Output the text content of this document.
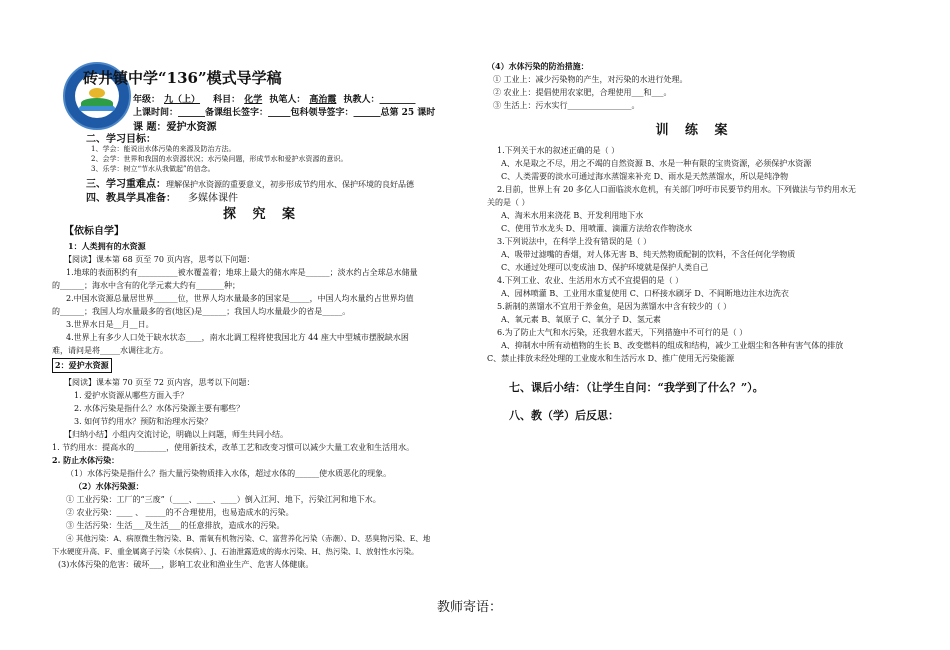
砖井镇中学“136”模式导学稿
年级： 九（上） 科目： 化学 执笔人： 高治霞 执教人：________
上课时间：______备课组长签字：_____包科领导签字：______总第 25 课时
课 题：爱护水资源
二、学习目标：
1、学会：能说出水体污染的来源及防治方法。
2、会学：世界和我国的水资源状况；水污染问题，形成节水和爱护水资源的意识。
3、乐学：树立“节水从我做起”的信念。
三、学习重难点：理解保护水资源的重要意义，初步形成节约用水、保护环境的良好品德
四、教具学具准备： 多媒体课件
探 究 案
【依标自学】
1：人类拥有的水资源
【阅读】课本第 68 页至 70 页内容，思考以下问题：
1.地球的表面积约有__________被水覆盖着；地球上最大的储水库是______；淡水约占全球总水储量
的______；海水中含有的化学元素大约有_______种；
2.中国水资源总量居世界______位，世界人均水量最多的国家是_____，中国人均水量约占世界均值
的______；我国人均水量最多的省(地区)是______；我国人均水量最少的省是_____。
3.世界水日是__月__日。
4.世界上有多少人口处于缺水状态____，南水北调工程将使我国北方 44 座大中型城市摆脱缺水困
难，请问是将_____水调往北方。
2：爱护水资源
【阅读】课本第 70 页至 72 页内容，思考以下问题：
1. 爱护水资源从哪些方面入手？
2. 水体污染是指什么？水体污染源主要有哪些？
3. 如何节约用水？预防和治理水污染？
【归纳小结】小组内交流讨论，明确以上问题，师生共同小结。
1. 节约用水：提高水的________，使用新技术，改革工艺和改变习惯可以减少大量工农业和生活用水。
2. 防止水体污染：
（1）水体污染是指什么？指大量污染物质排入水体，超过水体的______使水质恶化的现象。
（2）水体污染源：
① 工业污染：工厂的“三废”（____、____、____）倒入江河、地下，污染江河和地下水。
② 农业污染：____ 、 _____的不合理使用，也易造成水的污染。
③ 生活污染：生活___及生活___的任意排放，造成水的污染。
④ 其他污染：A、病原微生物污染、B、需氧有机物污染、C、富营养化污染（赤潮）、D、恶臭物污染、E、地
下水硬度升高、F、重金属离子污染（水俣病）、J、石油泄露造成的海水污染、H、热污染、I、放射性水污染。
(3)水体污染的危害：破坏___，影响工农业和渔业生产、危害人体健康。
（4）水体污染的防治措施：
① 工业上：减少污染物的产生，对污染的水进行处理。
② 农业上：提倡使用农家肥，合理使用___和___。
③ 生活上：污水实行________________。
训 练 案
1.下列关于水的叙述正确的是（ ）
A、水是取之不尽，用之不竭的自然资源 B、水是一种有限的宝贵资源，必须保护水资源
C、人类需要的淡水可通过海水蒸馏来补充 D、雨水是天然蒸馏水，所以是纯净物
2.目前，世界上有 20 多亿人口面临淡水危机，有关部门呼吁市民要节约用水。下列做法与节约用水无
关的是（ ）
A、淘米水用来浇花 B、开发利用地下水
C、使用节水龙头 D、用喷灌、滴灌方法给农作物浇水
3.下列说法中，在科学上没有错误的是（ ）
A、吸带过滤嘴的香烟，对人体无害 B、纯天然物质配制的饮料，不含任何化学物质
C、水通过处理可以变成油 D、保护环境就是保护人类自己
4.下列工业、农业、生活用水方式不宜提倡的是（ ）
A、园林喷灌 B、工业用水重复使用 C、口杯接水刷牙 D、不间断地边注水边洗衣
5.新制的蒸馏水不宜用于养金鱼，是因为蒸馏水中含有较少的（ ）
A、氧元素 B、氧原子 C、氧分子 D、氢元素
6.为了防止大气和水污染，还我碧水蓝天，下列措施中不可行的是（ ）
A、抑制水中所有动植物的生长 B、改变燃料的组成和结构，减少工业烟尘和各种有害气体的排放
C、禁止排放未经处理的工业废水和生活污水 D、推广使用无污染能源
七、课后小结：（让学生自问：“我学到了什么？”）。
八、教（学）后反思：
教师寄语：
